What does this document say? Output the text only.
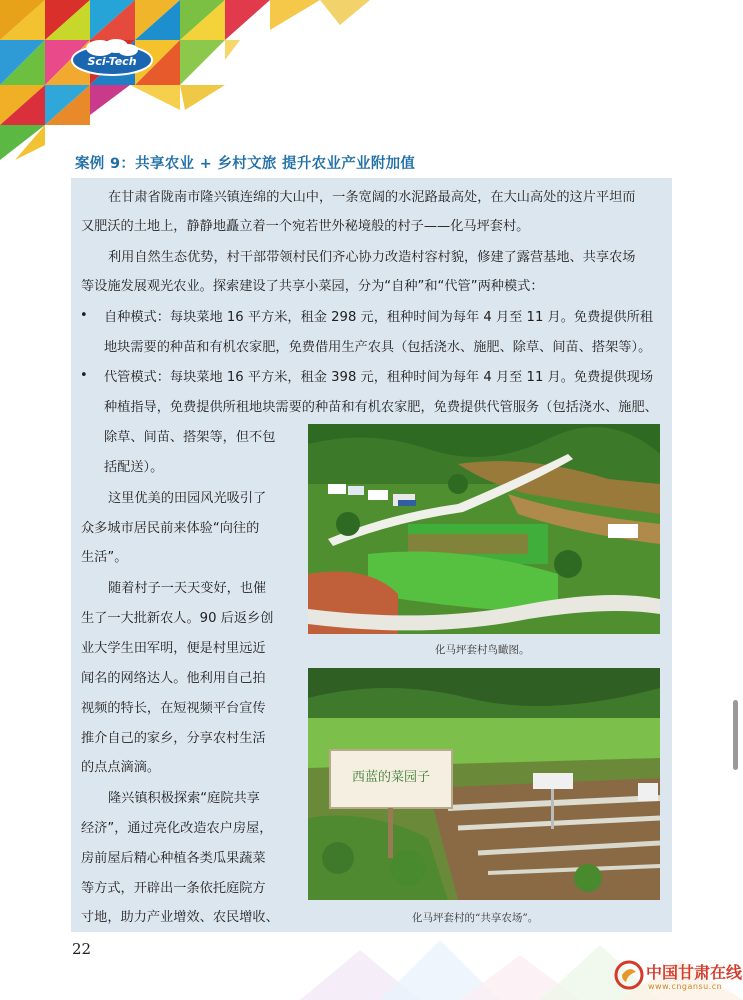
Sci-Tech
案例 9：共享农业 + 乡村文旅 提升农业产业附加值
在甘肃省陇南市隆兴镇连绵的大山中，一条宽阔的水泥路最高处，在大山高处的这片平坦而
又肥沃的土地上，静静地矗立着一个宛若世外秘境般的村子——化马坪套村。
利用自然生态优势，村干部带领村民们齐心协力改造村容村貌，修建了露营基地、共享农场
等设施发展观光农业。探索建设了共享小菜园，分为“自种”和“代管”两种模式：
• 自种模式：每块菜地 16 平方米，租金 298 元，租种时间为每年 4 月至 11 月。免费提供所租
地块需要的种苗和有机农家肥，免费借用生产农具（包括浇水、施肥、除草、间苗、搭架等）。
• 代管模式：每块菜地 16 平方米，租金 398 元，租种时间为每年 4 月至 11 月。免费提供现场
种植指导，免费提供所租地块需要的种苗和有机农家肥，免费提供代管服务（包括浇水、施肥、
除草、间苗、搭架等，但不包
括配送）。
这里优美的田园风光吸引了
众多城市居民前来体验“向往的
生活”。
随着村子一天天变好，也催
生了一大批新农人。90 后返乡创
业大学生田军明，便是村里远近
闻名的网络达人。他利用自己拍
视频的特长，在短视频平台宣传
推介自己的家乡，分享农村生活
的点点滴滴。
隆兴镇积极探索“庭院共享
经济”，通过亮化改造农户房屋，
房前屋后精心种植各类瓜果蔬菜
等方式，开辟出一条依托庭院方
寸地，助力产业增效、农民增收、
化马坪套村鸟瞰图。
西蓝的菜园子
化马坪套村的“共享农场”。
22
中国甘肃在线
www.cngansu.cn
